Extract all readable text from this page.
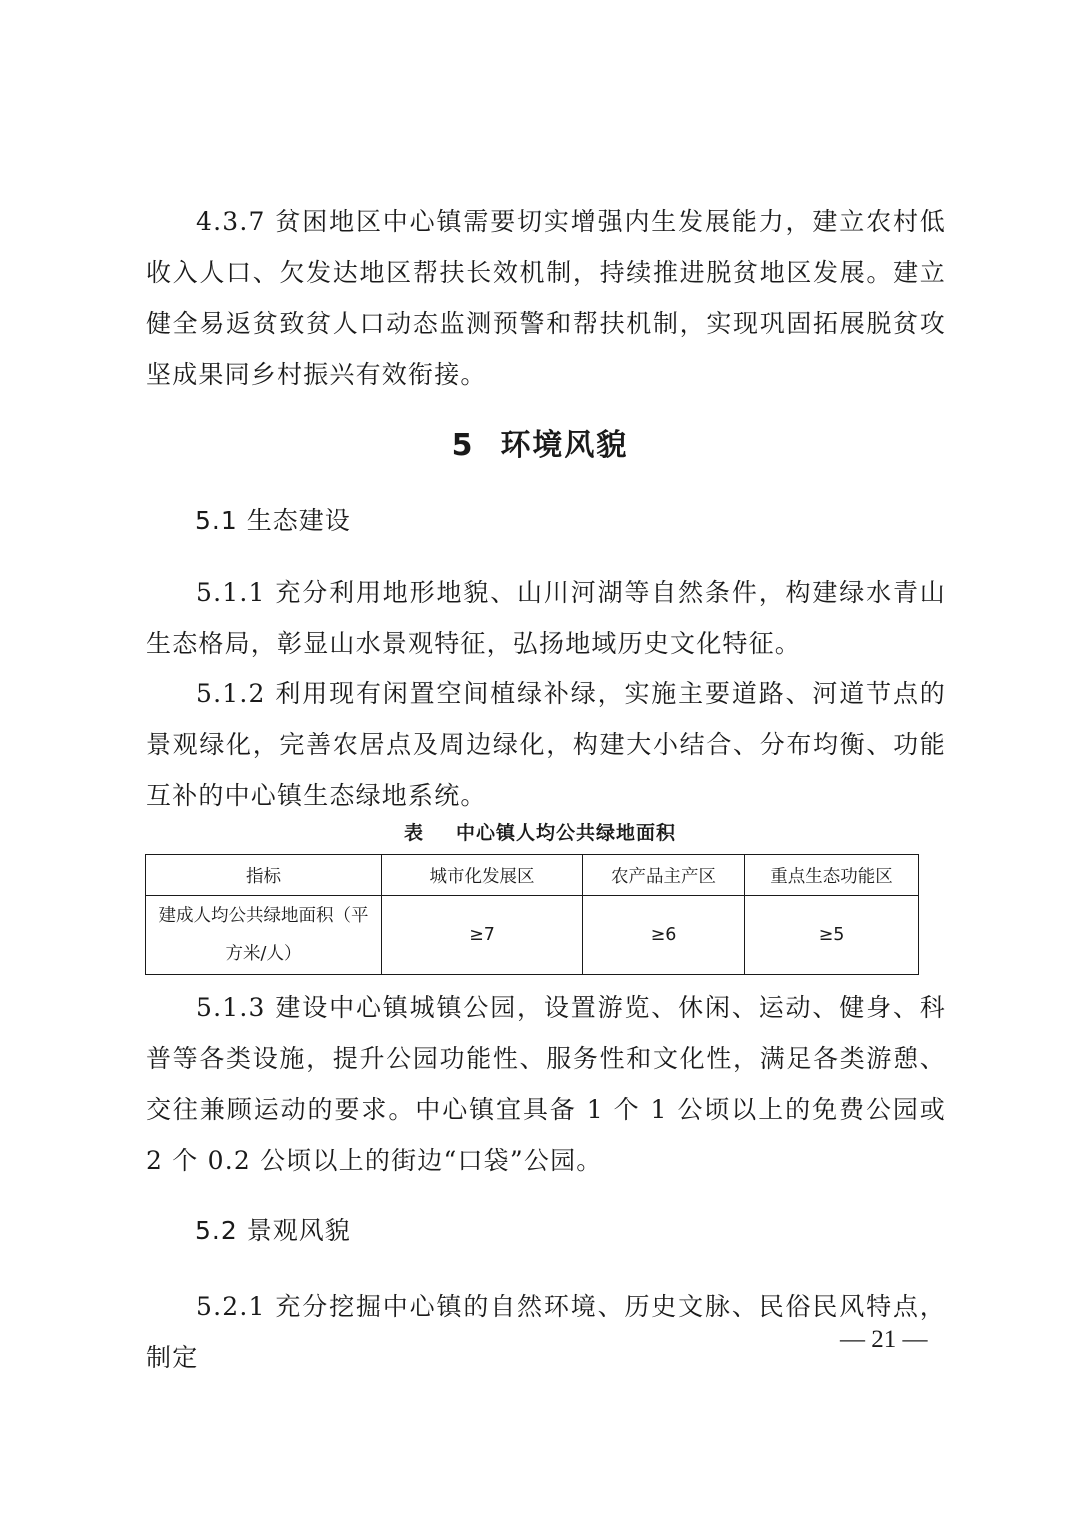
4.3.7 贫困地区中心镇需要切实增强内生发展能力，建立农村低收入人口、欠发达地区帮扶长效机制，持续推进脱贫地区发展。建立健全易返贫致贫人口动态监测预警和帮扶机制，实现巩固拓展脱贫攻坚成果同乡村振兴有效衔接。

5 环境风貌

5.1 生态建设

5.1.1 充分利用地形地貌、山川河湖等自然条件，构建绿水青山生态格局，彰显山水景观特征，弘扬地域历史文化特征。

5.1.2 利用现有闲置空间植绿补绿，实施主要道路、河道节点的景观绿化，完善农居点及周边绿化，构建大小结合、分布均衡、功能互补的中心镇生态绿地系统。

表 中心镇人均公共绿地面积
指标	城市化发展区	农产品主产区	重点生态功能区
建成人均公共绿地面积（平方米/人）	≥7	≥6	≥5

5.1.3 建设中心镇城镇公园，设置游览、休闲、运动、健身、科普等各类设施，提升公园功能性、服务性和文化性，满足各类游憩、交往兼顾运动的要求。中心镇宜具备 1 个 1 公顷以上的免费公园或 2 个 0.2 公顷以上的街边“口袋”公园。

5.2 景观风貌

5.2.1 充分挖掘中心镇的自然环境、历史文脉、民俗民风特点，制定

— 21 —
